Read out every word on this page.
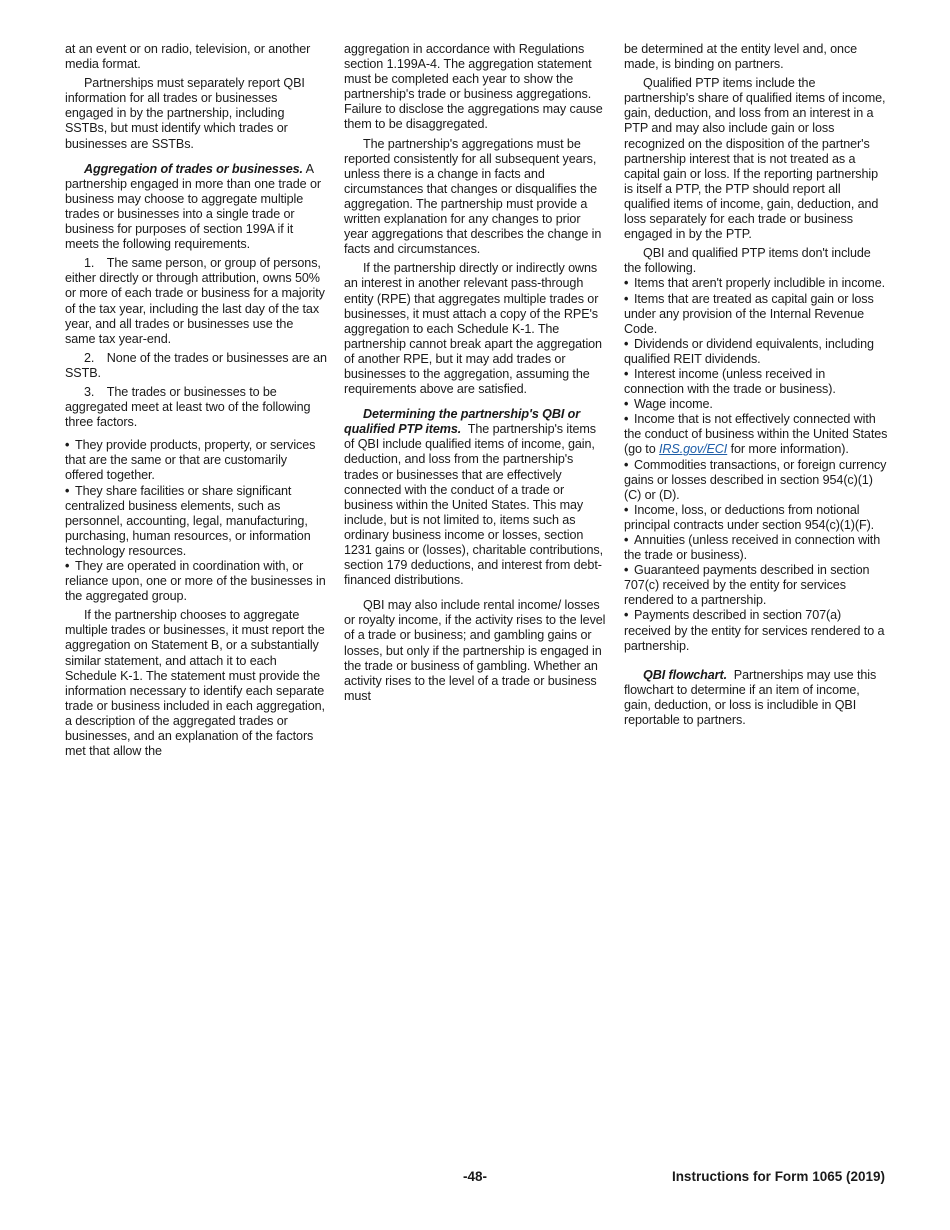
at an event or on radio, television, or another media format.

Partnerships must separately report QBI information for all trades or businesses engaged in by the partnership, including SSTBs, but must identify which trades or businesses are SSTBs.

Aggregation of trades or businesses. A partnership engaged in more than one trade or business may choose to aggregate multiple trades or businesses into a single trade or business for purposes of section 199A if it meets the following requirements.

1. The same person, or group of persons, either directly or through attribution, owns 50% or more of each trade or business for a majority of the tax year, including the last day of the tax year, and all trades or businesses use the same tax year-end.

2. None of the trades or businesses are an SSTB.

3. The trades or businesses to be aggregated meet at least two of the following three factors.

• They provide products, property, or services that are the same or that are customarily offered together.

• They share facilities or share significant centralized business elements, such as personnel, accounting, legal, manufacturing, purchasing, human resources, or information technology resources.

• They are operated in coordination with, or reliance upon, one or more of the businesses in the aggregated group.

If the partnership chooses to aggregate multiple trades or businesses, it must report the aggregation on Statement B, or a substantially similar statement, and attach it to each Schedule K-1. The statement must provide the information necessary to identify each separate trade or business included in each aggregation, a description of the aggregated trades or businesses, and an explanation of the factors met that allow the

aggregation in accordance with Regulations section 1.199A-4. The aggregation statement must be completed each year to show the partnership's trade or business aggregations. Failure to disclose the aggregations may cause them to be disaggregated.

The partnership's aggregations must be reported consistently for all subsequent years, unless there is a change in facts and circumstances that changes or disqualifies the aggregation. The partnership must provide a written explanation for any changes to prior year aggregations that describes the change in facts and circumstances.

If the partnership directly or indirectly owns an interest in another relevant pass-through entity (RPE) that aggregates multiple trades or businesses, it must attach a copy of the RPE's aggregation to each Schedule K-1. The partnership cannot break apart the aggregation of another RPE, but it may add trades or businesses to the aggregation, assuming the requirements above are satisfied.

Determining the partnership's QBI or qualified PTP items. The partnership's items of QBI include qualified items of income, gain, deduction, and loss from the partnership's trades or businesses that are effectively connected with the conduct of a trade or business within the United States. This may include, but is not limited to, items such as ordinary business income or losses, section 1231 gains or (losses), charitable contributions, section 179 deductions, and interest from debt-financed distributions.

QBI may also include rental income/ losses or royalty income, if the activity rises to the level of a trade or business; and gambling gains or losses, but only if the partnership is engaged in the trade or business of gambling. Whether an activity rises to the level of a trade or business must

be determined at the entity level and, once made, is binding on partners.

Qualified PTP items include the partnership's share of qualified items of income, gain, deduction, and loss from an interest in a PTP and may also include gain or loss recognized on the disposition of the partner's partnership interest that is not treated as a capital gain or loss. If the reporting partnership is itself a PTP, the PTP should report all qualified items of income, gain, deduction, and loss separately for each trade or business engaged in by the PTP.

QBI and qualified PTP items don't include the following.

• Items that aren't properly includible in income.

• Items that are treated as capital gain or loss under any provision of the Internal Revenue Code.

• Dividends or dividend equivalents, including qualified REIT dividends.

• Interest income (unless received in connection with the trade or business).

• Wage income.

• Income that is not effectively connected with the conduct of business within the United States (go to IRS.gov/ECI for more information).

• Commodities transactions, or foreign currency gains or losses described in section 954(c)(1)(C) or (D).

• Income, loss, or deductions from notional principal contracts under section 954(c)(1)(F).

• Annuities (unless received in connection with the trade or business).

• Guaranteed payments described in section 707(c) received by the entity for services rendered to a partnership.

• Payments described in section 707(a) received by the entity for services rendered to a partnership.

QBI flowchart. Partnerships may use this flowchart to determine if an item of income, gain, deduction, or loss is includible in QBI reportable to partners.

-48-	Instructions for Form 1065 (2019)
